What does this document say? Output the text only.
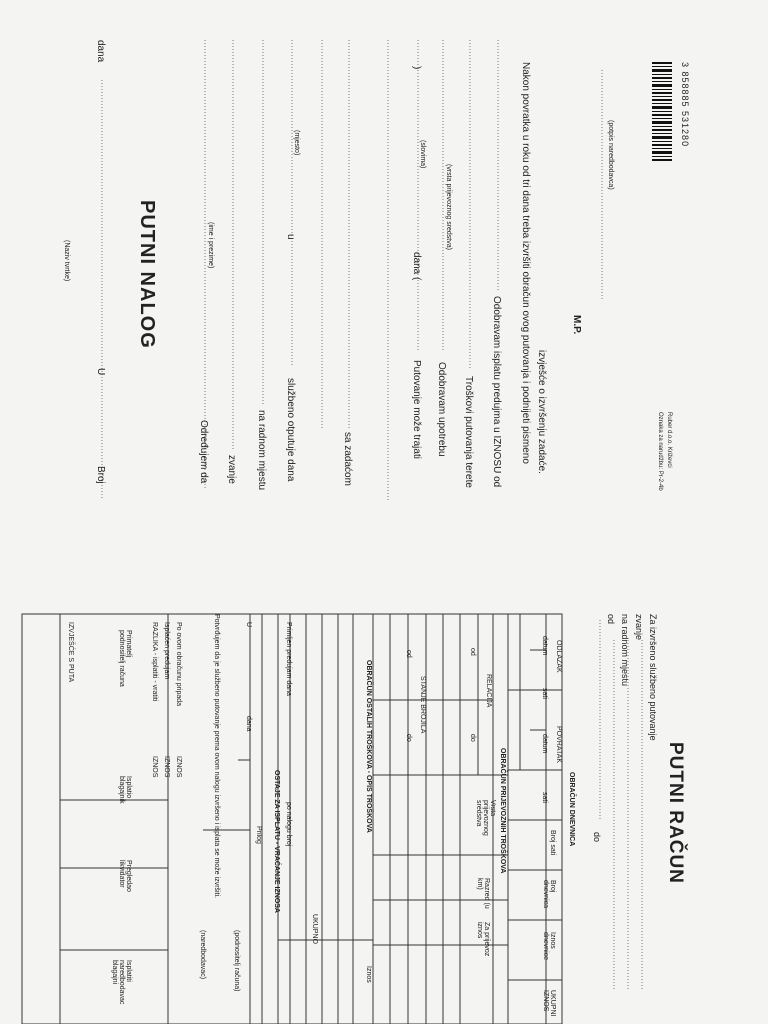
PUTNI NALOG
dana
U
Broj
(Naziv tvrtke)
Određujem da
(ime i prezime)
zvanje na radnom mjestu službeno otputuje dana
u
(mjesto)
sa zadaćom
Putovanje može trajati
dana (
(slovima)
)
Odobravam upotrebu
(vrsta prijevoznog sredstva)
Troškovi putovanja terete Odobravam isplatu predujma u IZNOSU od Nakon povratka u roku od tri dana treba izvršiti obračun ovog putovanja i podnijeti pismeno izvješće o izvršenju zadaće.
M.P.
(potpis naredbodavca)
Ruber d.o.o. Križevci
Oznaka za narudžbu: Pr-2-4b
3 858885 531280
PUTNI RAČUN
Za izvršeno službeno putovanje
zvanje
na radnom mjestu
od
do
OBRAČUN DNEVNICA
ODLAZAK
POVRATAK
datum
sati
datum
sati
Broj sati
Broj dnevnica
Iznos dnevnice
UKUPNI IZNOS
OBRAČUN PRIJEVOZNIH TROŠKOVA
RELACIJA
od
do
Vrsta prijevoznog sredstva
Razred (u km)
Za prijevoz iznos
STANJE BROJILA
od
do
OBRAČUN OSTALIH TROŠKOVA - OPIS TROŠKOVA
Iznos
UKUPNO
Primljen predujam dana
po nalogu broj
(podnositelj računa)
Potvrđujem da je službeno putovanje prema ovom nalogu izvršeno i isplata se može izvršiti.
(naredbodavac)
OSTAJE ZA ISPLATU - VRAĆANJE IZNOSA
U
dana
Prilog
Po ovom obračunu pripada
Isplaćen predujam
RAZLIKA - isplatiti - vratiti
IZNOS
IZNOS
IZNOS
Primatelj podnositelj računa
Isplatio blagajnik
Pregledao likvidator
Isplatiti naredbodavac blagajni
IZVJEŠĆE S PUTA
